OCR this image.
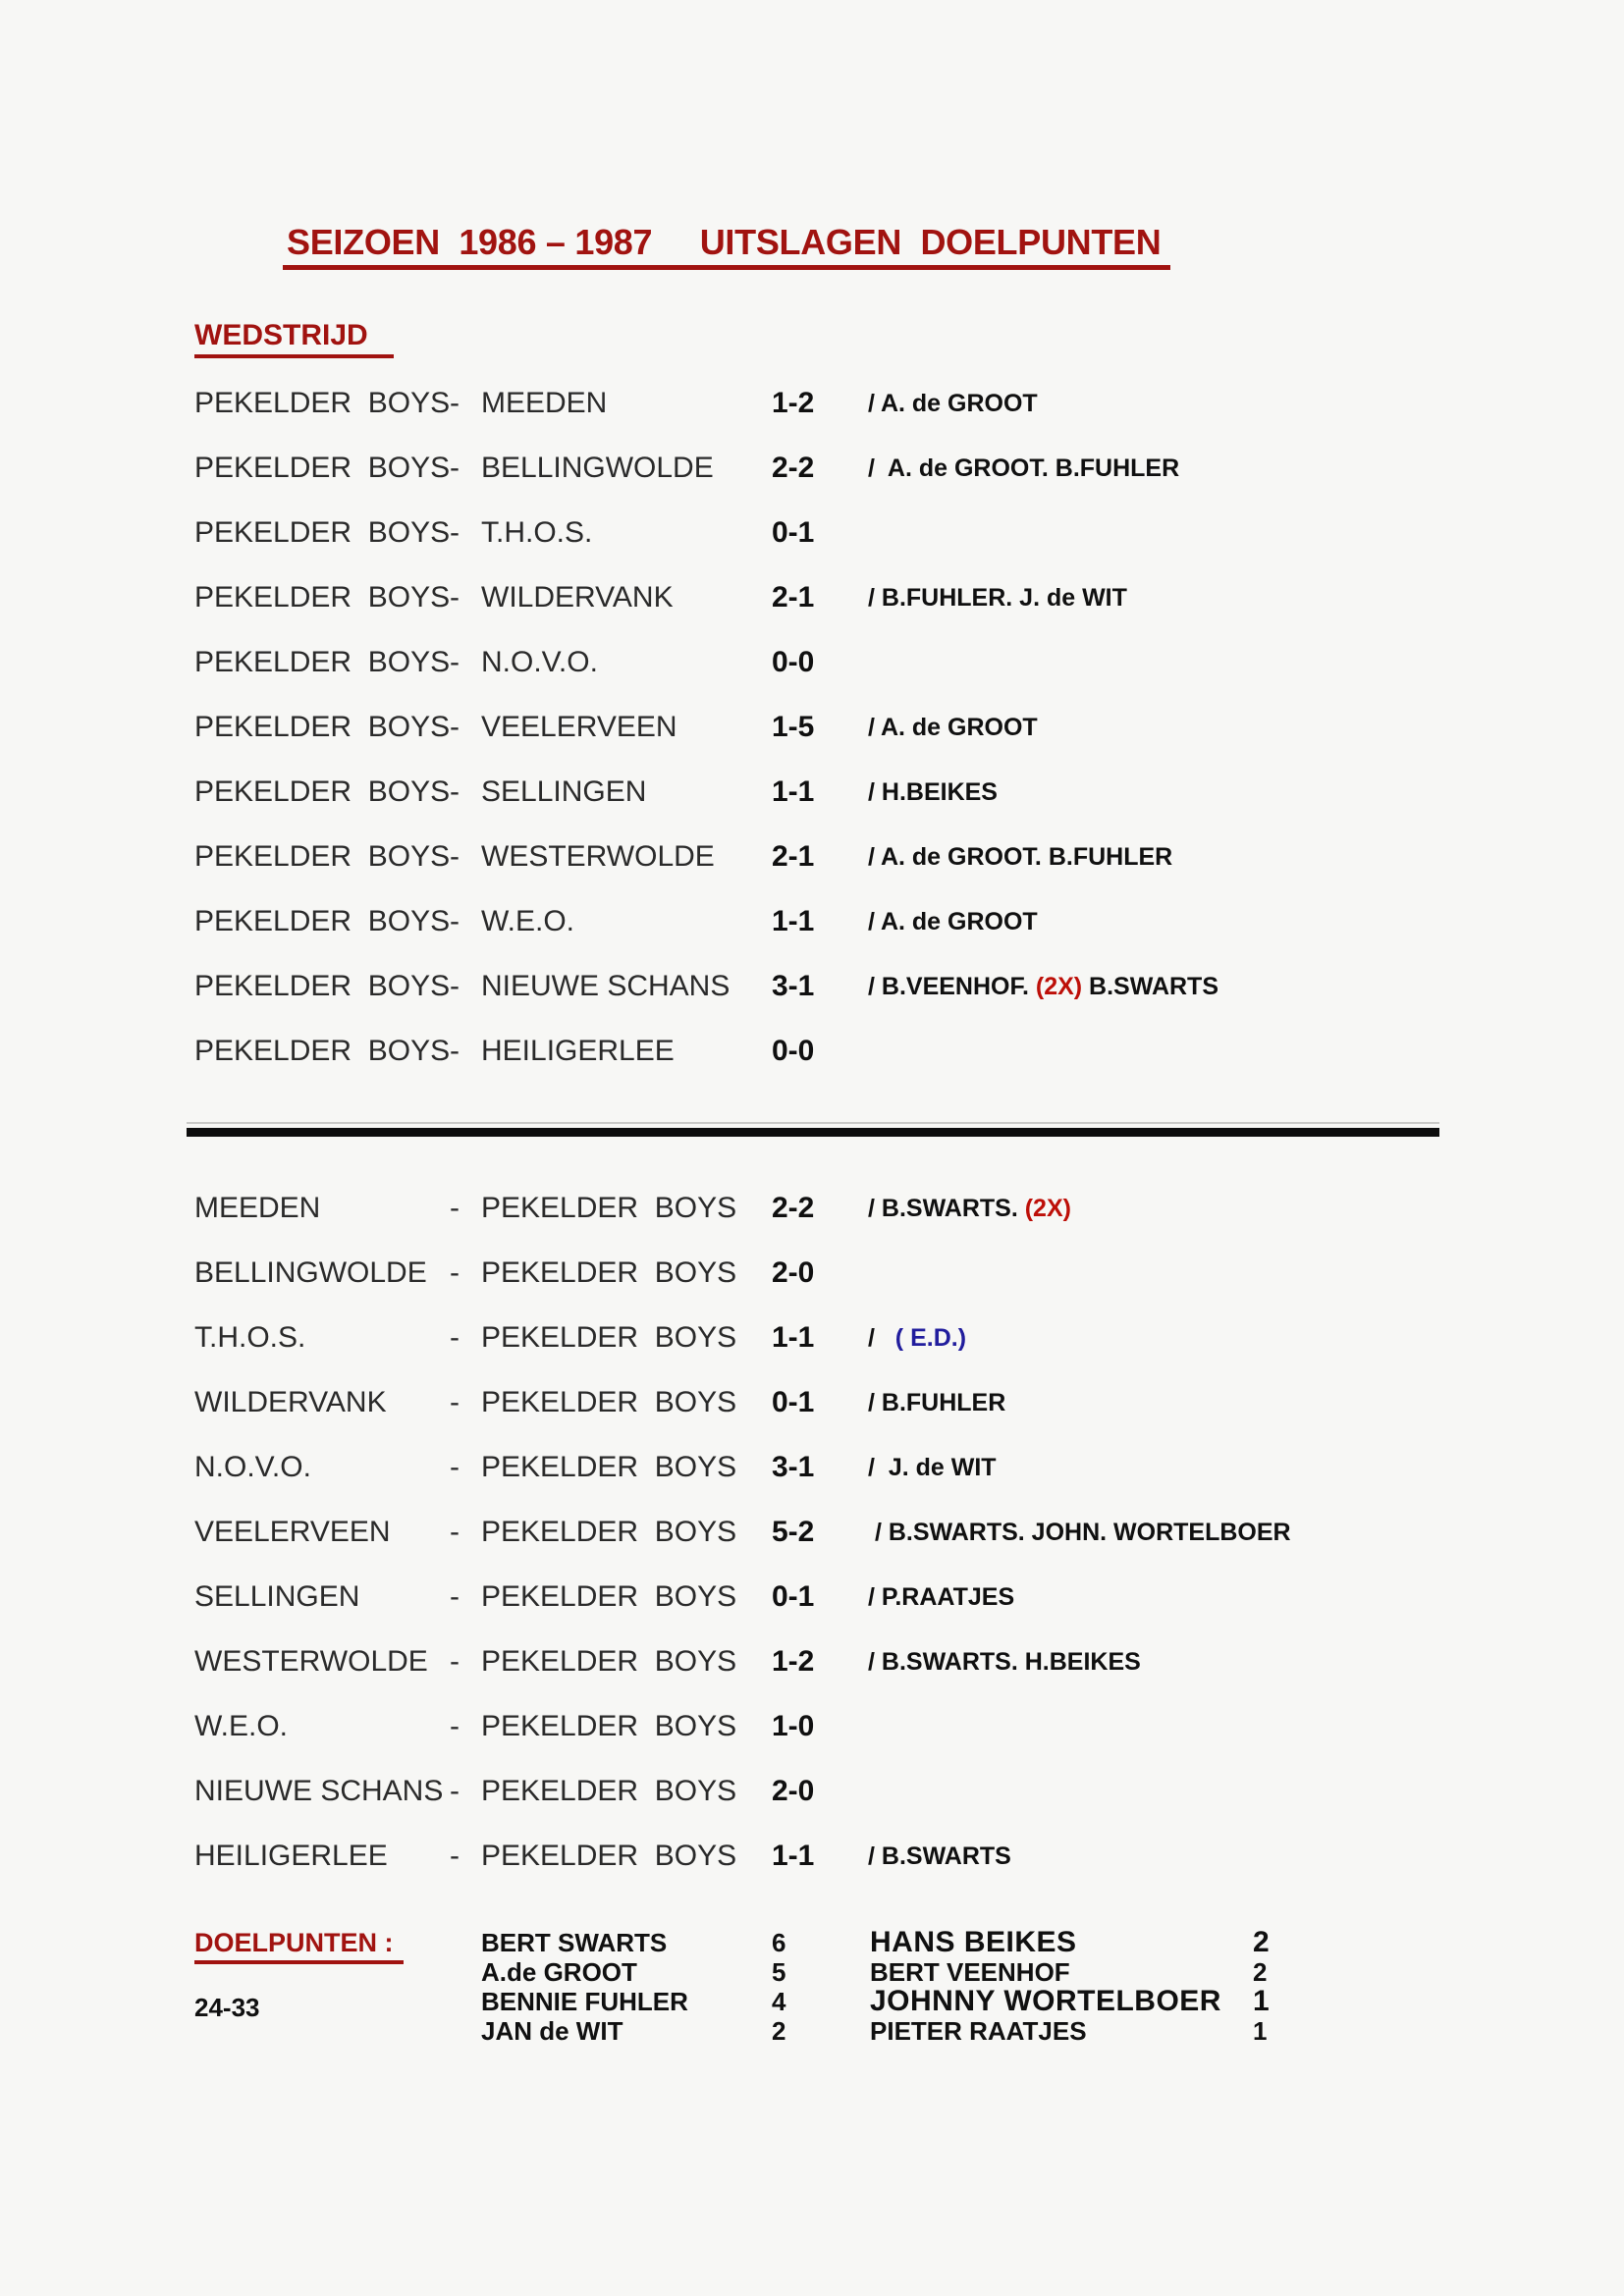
SEIZOEN  1986 – 1987     UITSLAGEN  DOELPUNTEN
WEDSTRIJD
PEKELDER  BOYS - MEEDEN	1-2 / A. de GROOT
PEKELDER  BOYS - BELLINGWOLDE 2-2 /  A. de GROOT. B.FUHLER
PEKELDER  BOYS - T.H.O.S.	0-1
PEKELDER  BOYS - WILDERVANK	2-1 / B.FUHLER. J. de WIT
PEKELDER  BOYS - N.O.V.O.	0-0
PEKELDER  BOYS - VEELERVEEN	1-5 / A. de GROOT
PEKELDER  BOYS - SELLINGEN	1-1 / H.BEIKES
PEKELDER  BOYS - WESTERWOLDE 2-1 / A. de GROOT. B.FUHLER
PEKELDER  BOYS - W.E.O.	1-1 / A. de GROOT
PEKELDER  BOYS - NIEUWE SCHANS 3-1 / B.VEENHOF. (2X) B.SWARTS
PEKELDER  BOYS - HEILIGERLEE	0-0
MEEDEN	- PEKELDER  BOYS 2-2 / B.SWARTS. (2X)
BELLINGWOLDE - PEKELDER  BOYS 2-0
T.H.O.S.	- PEKELDER  BOYS 1-1 /   ( E.D.)
WILDERVANK - PEKELDER  BOYS 0-1 / B.FUHLER
N.O.V.O.	- PEKELDER  BOYS 3-1 /  J. de WIT
VEELERVEEN - PEKELDER  BOYS 5-2 / B.SWARTS. JOHN. WORTELBOER
SELLINGEN	- PEKELDER  BOYS 0-1 / P.RAATJES
WESTERWOLDE - PEKELDER  BOYS 1-2 / B.SWARTS. H.BEIKES
W.E.O.	- PEKELDER  BOYS 1-0
NIEUWE SCHANS - PEKELDER  BOYS 2-0
HEILIGERLEE - PEKELDER  BOYS 1-1 / B.SWARTS
DOELPUNTEN :
24-33
BERT SWARTS	6	HANS BEIKES	2
A.de GROOT	5	BERT VEENHOF	2
BENNIE FUHLER	4	JOHNNY WORTELBOER 1
JAN de WIT	2	PIETER RAATJES	1
